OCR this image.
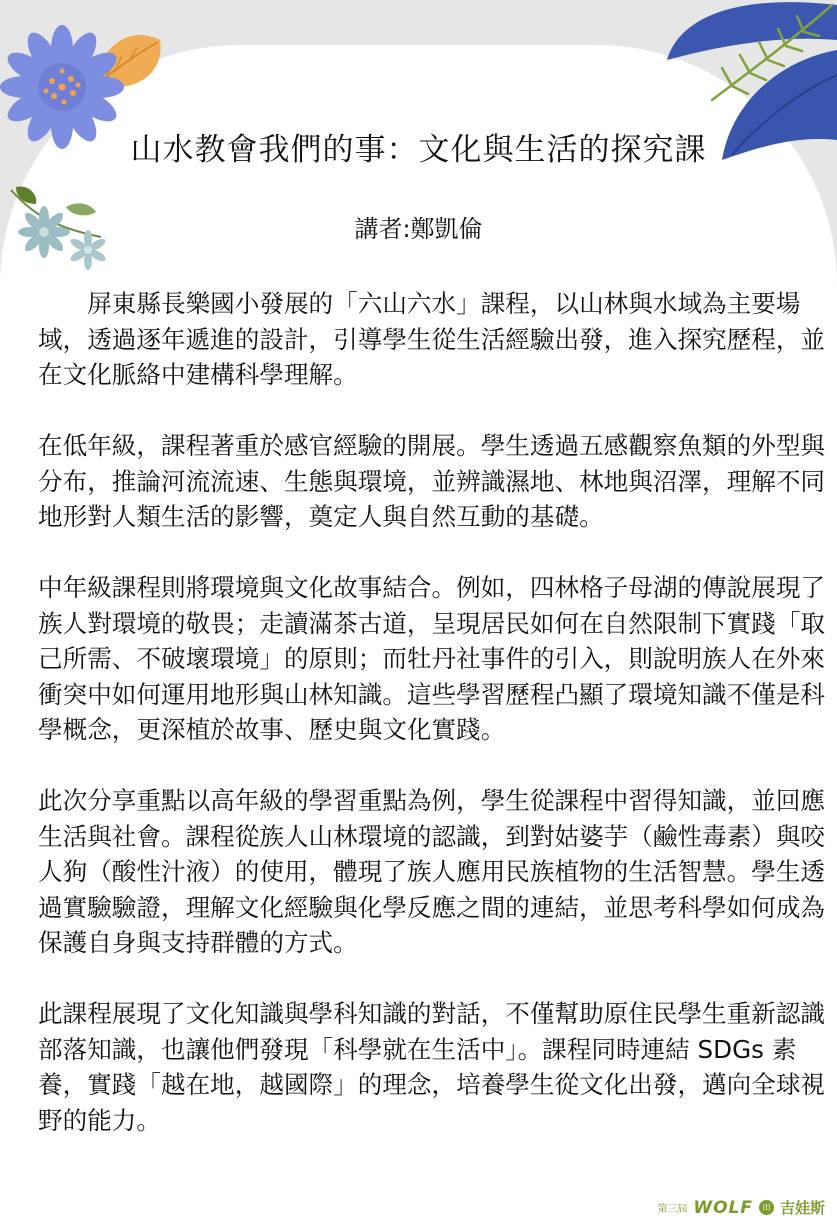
山水教會我們的事：文化與生活的探究課
講者:鄭凱倫

屏東縣長樂國小發展的「六山六水」課程，以山林與水域為主要場域，透過逐年遞進的設計，引導學生從生活經驗出發，進入探究歷程，並在文化脈絡中建構科學理解。

在低年級，課程著重於感官經驗的開展。學生透過五感觀察魚類的外型與分布，推論河流流速、生態與環境，並辨識濕地、林地與沼澤，理解不同地形對人類生活的影響，奠定人與自然互動的基礎。

中年級課程則將環境與文化故事結合。例如，四林格子母湖的傳說展現了族人對環境的敬畏；走讀滿茶古道，呈現居民如何在自然限制下實踐「取己所需、不破壞環境」的原則；而牡丹社事件的引入，則說明族人在外來衝突中如何運用地形與山林知識。這些學習歷程凸顯了環境知識不僅是科學概念，更深植於故事、歷史與文化實踐。

此次分享重點以高年級的學習重點為例，學生從課程中習得知識，並回應生活與社會。課程從族人山林環境的認識，到對姑婆芋（鹼性毒素）與咬人狗（酸性汁液）的使用，體現了族人應用民族植物的生活智慧。學生透過實驗驗證，理解文化經驗與化學反應之間的連結，並思考科學如何成為保護自身與支持群體的方式。

此課程展現了文化知識與學科知識的對話，不僅幫助原住民學生重新認識部落知識，也讓他們發現「科學就在生活中」。課程同時連結 SDGs 素養，實踐「越在地，越國際」的理念，培養學生從文化出發，邁向全球視野的能力。

第三屆 WOLF	田 吉娃斯
